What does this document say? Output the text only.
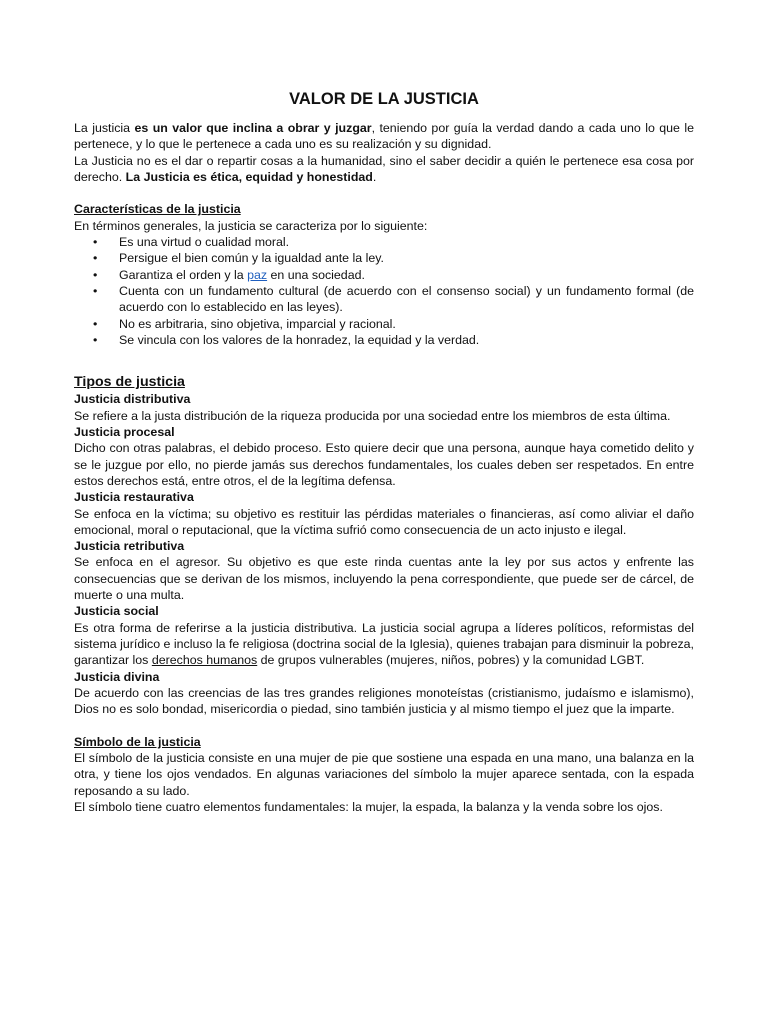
VALOR DE LA JUSTICIA

La justicia es un valor que inclina a obrar y juzgar, teniendo por guía la verdad dando a cada uno lo que le pertenece, y lo que le pertenece a cada uno es su realización y su dignidad.

La Justicia no es el dar o repartir cosas a la humanidad, sino el saber decidir a quién le pertenece esa cosa por derecho. La Justicia es ética, equidad y honestidad.

Características de la justicia

En términos generales, la justicia se caracteriza por lo siguiente:

• Es una virtud o cualidad moral.
• Persigue el bien común y la igualdad ante la ley.
• Garantiza el orden y la paz en una sociedad.
• Cuenta con un fundamento cultural (de acuerdo con el consenso social) y un fundamento formal (de acuerdo con lo establecido en las leyes).
• No es arbitraria, sino objetiva, imparcial y racional.
• Se vincula con los valores de la honradez, la equidad y la verdad.

Tipos de justicia

Justicia distributiva

Se refiere a la justa distribución de la riqueza producida por una sociedad entre los miembros de esta última.

Justicia procesal

Dicho con otras palabras, el debido proceso. Esto quiere decir que una persona, aunque haya cometido delito y se le juzgue por ello, no pierde jamás sus derechos fundamentales, los cuales deben ser respetados. En entre estos derechos está, entre otros, el de la legítima defensa.

Justicia restaurativa

Se enfoca en la víctima; su objetivo es restituir las pérdidas materiales o financieras, así como aliviar el daño emocional, moral o reputacional, que la víctima sufrió como consecuencia de un acto injusto e ilegal.

Justicia retributiva

Se enfoca en el agresor. Su objetivo es que este rinda cuentas ante la ley por sus actos y enfrente las consecuencias que se derivan de los mismos, incluyendo la pena correspondiente, que puede ser de cárcel, de muerte o una multa.

Justicia social

Es otra forma de referirse a la justicia distributiva. La justicia social agrupa a líderes políticos, reformistas del sistema jurídico e incluso la fe religiosa (doctrina social de la Iglesia), quienes trabajan para disminuir la pobreza, garantizar los derechos humanos de grupos vulnerables (mujeres, niños, pobres) y la comunidad LGBT.

Justicia divina

De acuerdo con las creencias de las tres grandes religiones monoteístas (cristianismo, judaísmo e islamismo), Dios no es solo bondad, misericordia o piedad, sino también justicia y al mismo tiempo el juez que la imparte.

Símbolo de la justicia

El símbolo de la justicia consiste en una mujer de pie que sostiene una espada en una mano, una balanza en la otra, y tiene los ojos vendados. En algunas variaciones del símbolo la mujer aparece sentada, con la espada reposando a su lado.

El símbolo tiene cuatro elementos fundamentales: la mujer, la espada, la balanza y la venda sobre los ojos.
